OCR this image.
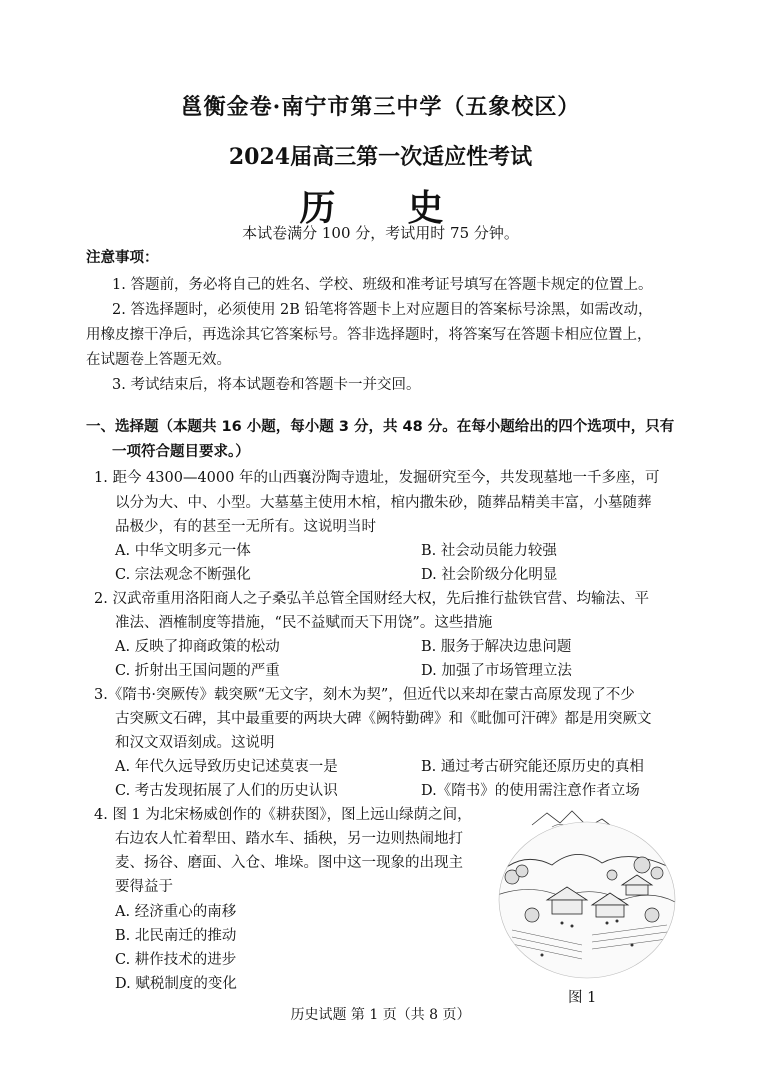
邕衡金卷·南宁市第三中学（五象校区）
2024届高三第一次适应性考试
历　史
本试卷满分 100 分，考试用时 75 分钟。
注意事项：
1. 答题前，务必将自己的姓名、学校、班级和准考证号填写在答题卡规定的位置上。
2. 答选择题时，必须使用 2B 铅笔将答题卡上对应题目的答案标号涂黑，如需改动，
用橡皮擦干净后，再选涂其它答案标号。答非选择题时，将答案写在答题卡相应位置上，
在试题卷上答题无效。
3. 考试结束后，将本试题卷和答题卡一并交回。
一、选择题（本题共 16 小题，每小题 3 分，共 48 分。在每小题给出的四个选项中，只有
一项符合题目要求。）
1. 距今 4300—4000 年的山西襄汾陶寺遗址，发掘研究至今，共发现墓地一千多座，可
以分为大、中、小型。大墓墓主使用木棺，棺内撒朱砂，随葬品精美丰富，小墓随葬
品极少，有的甚至一无所有。这说明当时
A. 中华文明多元一体	B. 社会动员能力较强
C. 宗法观念不断强化	D. 社会阶级分化明显
2. 汉武帝重用洛阳商人之子桑弘羊总管全国财经大权，先后推行盐铁官营、均输法、平
准法、酒榷制度等措施，“民不益赋而天下用饶”。这些措施
A. 反映了抑商政策的松动	B. 服务于解决边患问题
C. 折射出王国问题的严重	D. 加强了市场管理立法
3.《隋书·突厥传》载突厥“无文字，刻木为契”，但近代以来却在蒙古高原发现了不少
古突厥文石碑，其中最重要的两块大碑《阙特勤碑》和《毗伽可汗碑》都是用突厥文
和汉文双语刻成。这说明
A. 年代久远导致历史记述莫衷一是	B. 通过考古研究能还原历史的真相
C. 考古发现拓展了人们的历史认识	D.《隋书》的使用需注意作者立场
4. 图 1 为北宋杨威创作的《耕获图》，图上远山绿荫之间，
右边农人忙着犁田、踏水车、插秧，另一边则热闹地打
麦、扬谷、磨面、入仓、堆垛。图中这一现象的出现主
要得益于
A. 经济重心的南移
B. 北民南迁的推动
C. 耕作技术的进步
D. 赋税制度的变化
图 1
历史试题 第 1 页（共 8 页）
